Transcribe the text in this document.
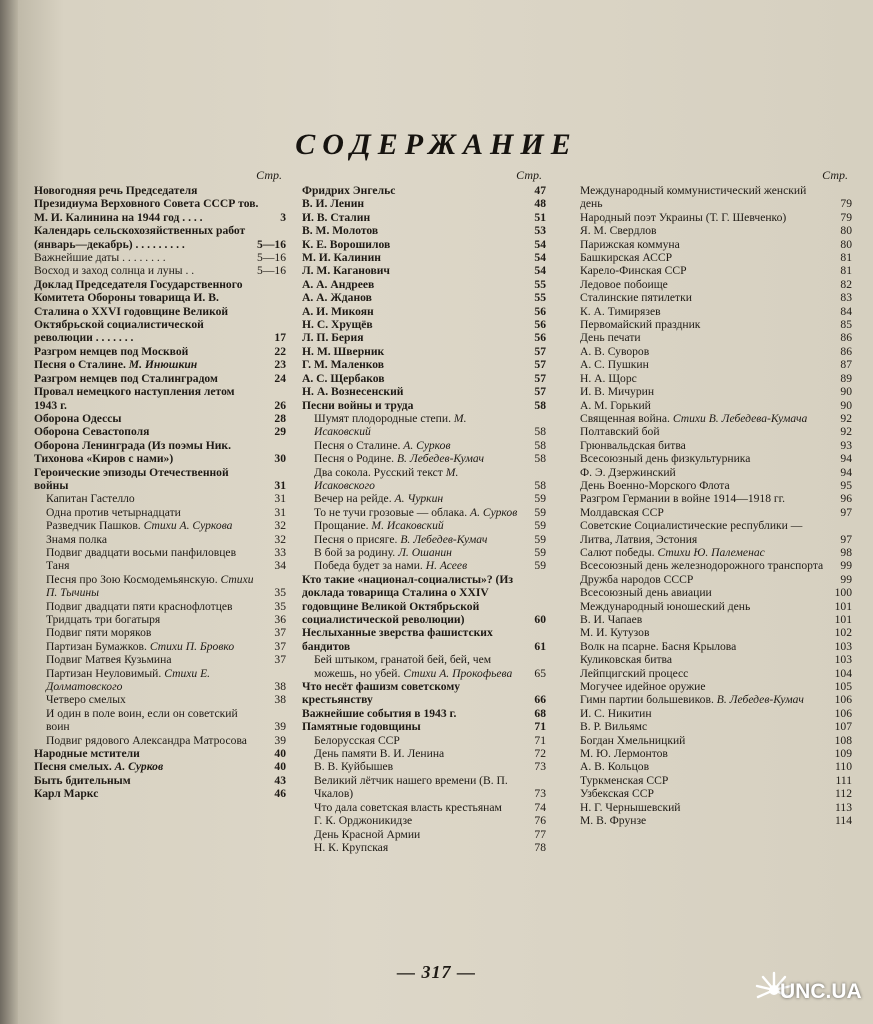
СОДЕРЖАНИЕ
Стр.
Новогодняя речь Председателя Президиума Верховного Совета СССР тов. М. И. Калинина на 1944 год . . . .	3
Календарь сельскохозяйственных работ (январь—декабрь) . . . . . . . . .	5—16
Важнейшие даты . . . . . . . .	5—16
Восход и заход солнца и луны . .	5—16
Доклад Председателя Государственного Комитета Обороны товарища И. В. Сталина о XXVI годовщине Великой Октябрьской социалистической революции . . . . . . .	17
Разгром немцев под Москвой	22
Песня о Сталине. М. Инюшкин	23
Разгром немцев под Сталинградом	24
Провал немецкого наступления летом 1943 г.	26
Оборона Одессы	28
Оборона Севастополя	29
Оборона Ленинграда (Из поэмы Ник. Тихонова «Киров с нами»)	30
Героические эпизоды Отечественной войны	31
Капитан Гастелло	31
Одна против четырнадцати	31
Разведчик Пашков. Стихи А. Суркова	32
Знамя полка	32
Подвиг двадцати восьми панфиловцев	33
Таня	34
Песня про Зою Космодемьянскую. Стихи П. Тычины	35
Подвиг двадцати пяти краснофлотцев	35
Тридцать три богатыря	36
Подвиг пяти моряков	37
Партизан Бумажков. Стихи П. Бровко	37
Подвиг Матвея Кузьмина	37
Партизан Неуловимый. Стихи Е. Долматовского	38
Четверо смелых	38
И один в поле воин, если он советский воин	39
Подвиг рядового Александра Матросова 39
Народные мстители	40
Песня смелых. А. Сурков	40
Быть бдительным	43
Карл Маркс	46
Стр.
Фридрих Энгельс	47
В. И. Ленин	48
И. В. Сталин	51
В. М. Молотов	53
К. Е. Ворошилов	54
М. И. Калинин	54
Л. М. Каганович	54
А. А. Андреев	55
А. А. Жданов	55
А. И. Микоян	56
Н. С. Хрущёв	56
Л. П. Берия	56
Н. М. Шверник	57
Г. М. Маленков	57
А. С. Щербаков	57
Н. А. Вознесенский	57
Песни войны и труда	58
Шумят плодородные степи. М. Исаковский	58
Песня о Сталине. А. Сурков	58
Песня о Родине. В. Лебедев-Кумач	58
Два сокола. Русский текст М. Исаковского	58
Вечер на рейде. А. Чуркин	59
То не тучи грозовые — облака. А. Сурков 59
Прощание. М. Исаковский	59
Песня о присяге. В. Лебедев-Кумач	59
В бой за родину. Л. Ошанин	59
Победа будет за нами. Н. Асеев	59
Кто такие «национал-социалисты»? (Из доклада товарища Сталина о XXIV годовщине Великой Октябрьской социалистической революции)	60
Неслыханные зверства фашистских бандитов	61
Бей штыком, гранатой бей, бей, чем можешь, но убей. Стихи А. Прокофьева 65
Что несёт фашизм советскому крестьянству	66
Важнейшие события в 1943 г.	68
Памятные годовщины	71
Белорусская ССР	71
День памяти В. И. Ленина	72
В. В. Куйбышев	73
Великий лётчик нашего времени (В. П. Чкалов)	73
Что дала советская власть крестьянам	74
Г. К. Орджоникидзе	76
День Красной Армии	77
Н. К. Крупская	78
Стр.
Международный коммунистический женский день	79
Народный поэт Украины (Т. Г. Шевченко)	79
Я. М. Свердлов	80
Парижская коммуна	80
Башкирская АССР	81
Карело-Финская ССР	81
Ледовое побоище	82
Сталинские пятилетки	83
К. А. Тимирязев	84
Первомайский праздник	85
День печати	86
А. В. Суворов	86
А. С. Пушкин	87
Н. А. Щорс	89
И. В. Мичурин	90
А. М. Горький	90
Священная война. Стихи В. Лебедева-Кумача	92
Полтавский бой	92
Грюнвальдская битва	93
Всесоюзный день физкультурника	94
Ф. Э. Дзержинский	94
День Военно-Морского Флота	95
Разгром Германии в войне 1914—1918 гг.	96
Молдавская ССР	97
Советские Социалистические республики — Литва, Латвия, Эстония	97
Салют победы. Стихи Ю. Палеменас	98
Всесоюзный день железнодорожного транспорта 99
Дружба народов СССР	99
Всесоюзный день авиации	100
Международный юношеский день	101
В. И. Чапаев	101
М. И. Кутузов	102
Волк на псарне. Басня Крылова	103
Куликовская битва	103
Лейпцигский процесс	104
Могучее идейное оружие	105
Гимн партии большевиков. В. Лебедев-Кумач	106
И. С. Никитин	106
В. Р. Вильямс	107
Богдан Хмельницкий	108
М. Ю. Лермонтов	109
А. В. Кольцов	110
Туркменская ССР	111
Узбекская ССР	112
Н. Г. Чернышевский	113
М. В. Фрунзе	114
— 317 —
UNC.UA
